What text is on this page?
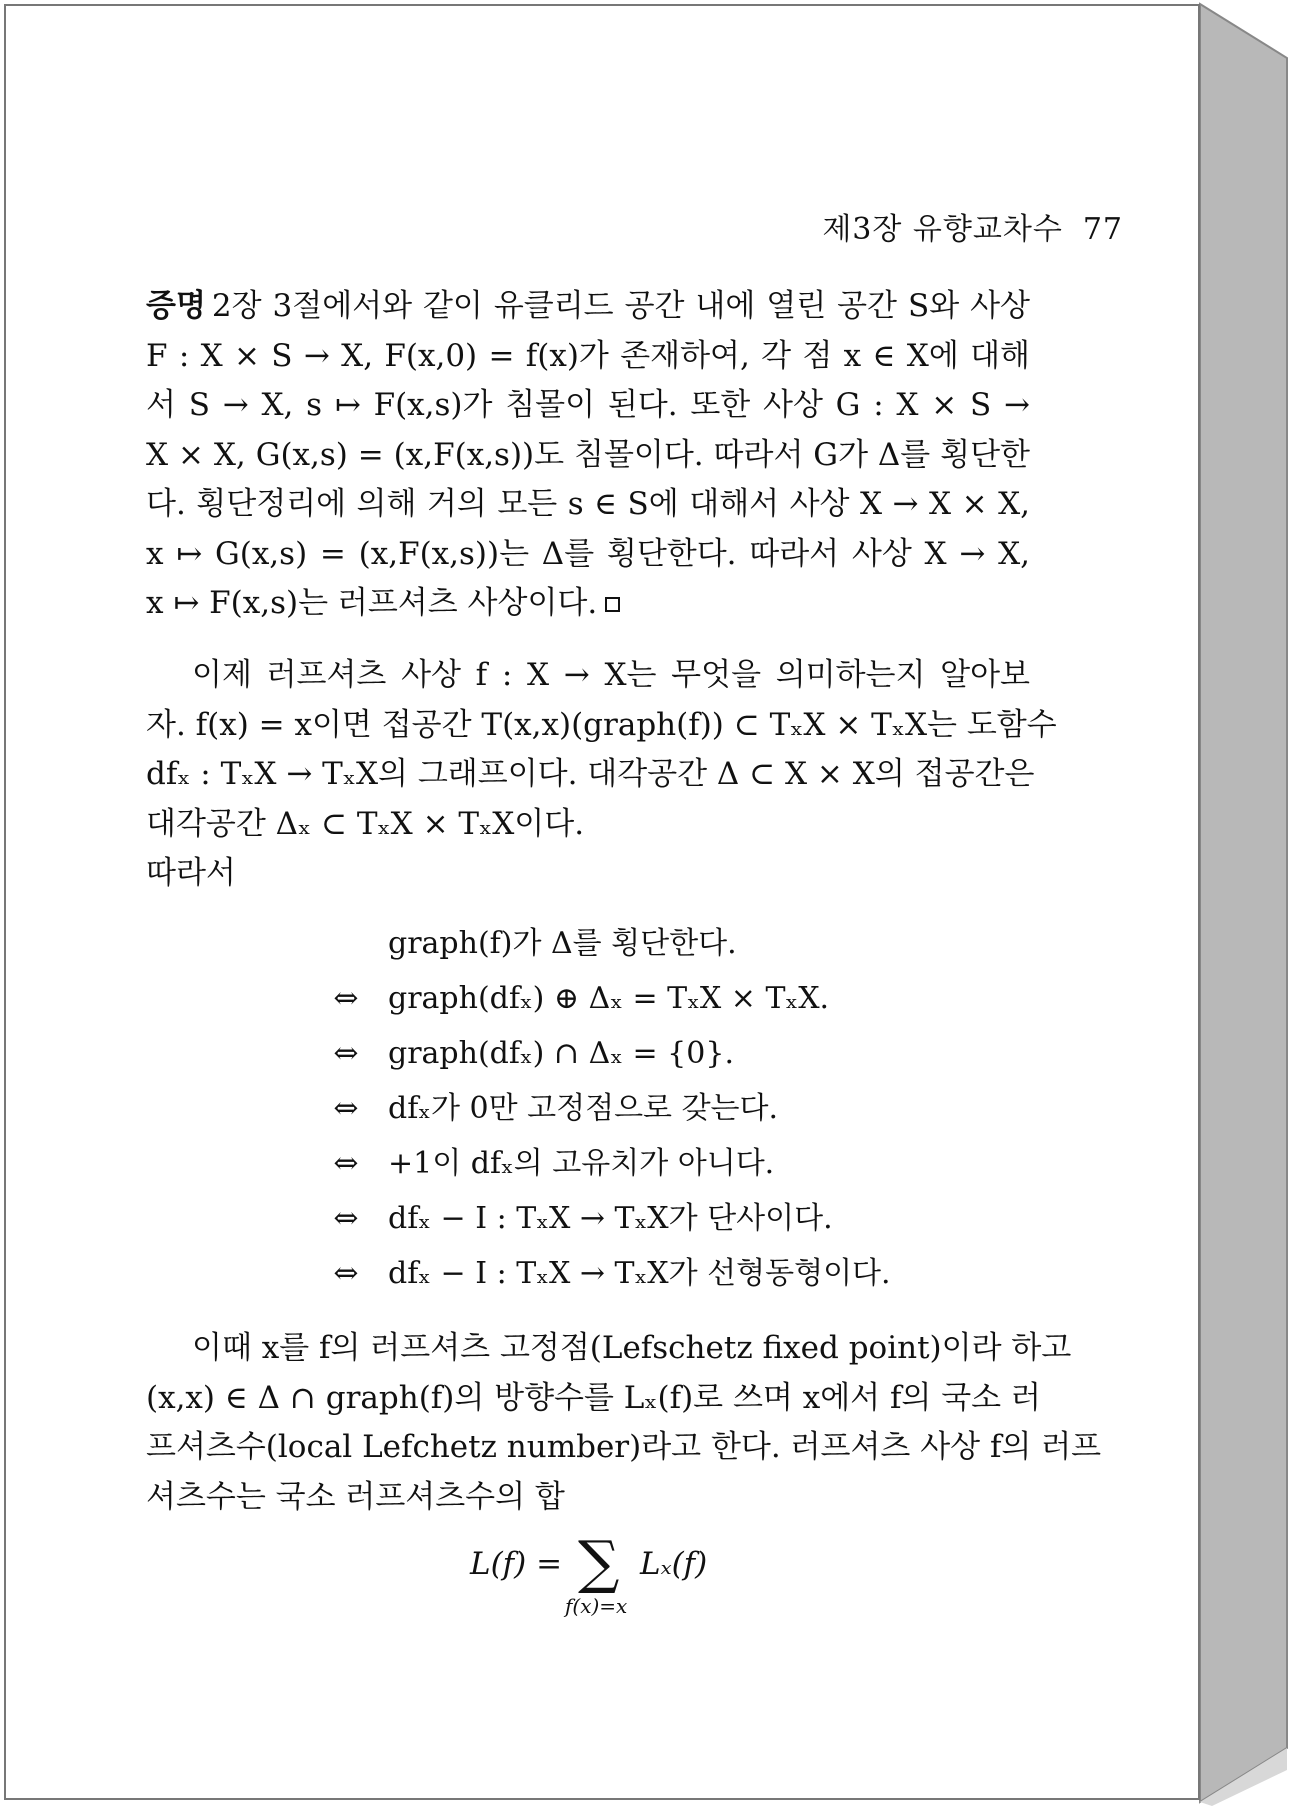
제3장 유향교차수 77
증명 2장 3절에서와 같이 유클리드 공간 내에 열린 공간 S와 사상
F : X × S → X, F(x,0) = f(x)가 존재하여, 각 점 x ∈ X에 대해
서 S → X, s ↦ F(x,s)가 침몰이 된다. 또한 사상 G : X × S →
X × X, G(x,s) = (x,F(x,s))도 침몰이다. 따라서 G가 Δ를 횡단한
다. 횡단정리에 의해 거의 모든 s ∈ S에 대해서 사상 X → X × X,
x ↦ G(x,s) = (x,F(x,s))는 Δ를 횡단한다. 따라서 사상 X → X,
x ↦ F(x,s)는 러프셔츠 사상이다.
이제 러프셔츠 사상 f : X → X는 무엇을 의미하는지 알아보
자. f(x) = x이면 접공간 T(x,x)(graph(f)) ⊂ TₓX × TₓX는 도함수
dfₓ : TₓX → TₓX의 그래프이다. 대각공간 Δ ⊂ X × X의 접공간은
대각공간 Δₓ ⊂ TₓX × TₓX이다.
따라서
graph(f)가 Δ를 횡단한다.
⇔ graph(dfₓ) ⊕ Δₓ = TₓX × TₓX.
⇔ graph(dfₓ) ∩ Δₓ = {0}.
⇔ dfₓ가 0만 고정점으로 갖는다.
⇔ +1이 dfₓ의 고유치가 아니다.
⇔ dfₓ − I : TₓX → TₓX가 단사이다.
⇔ dfₓ − I : TₓX → TₓX가 선형동형이다.
이때 x를 f의 러프셔츠 고정점(Lefschetz fixed point)이라 하고
(x,x) ∈ Δ ∩ graph(f)의 방향수를 Lₓ(f)로 쓰며 x에서 f의 국소 러
프셔츠수(local Lefchetz number)라고 한다. 러프셔츠 사상 f의 러프
셔츠수는 국소 러프셔츠수의 합
L(f) = ∑
f(x)=x
Lₓ(f)
